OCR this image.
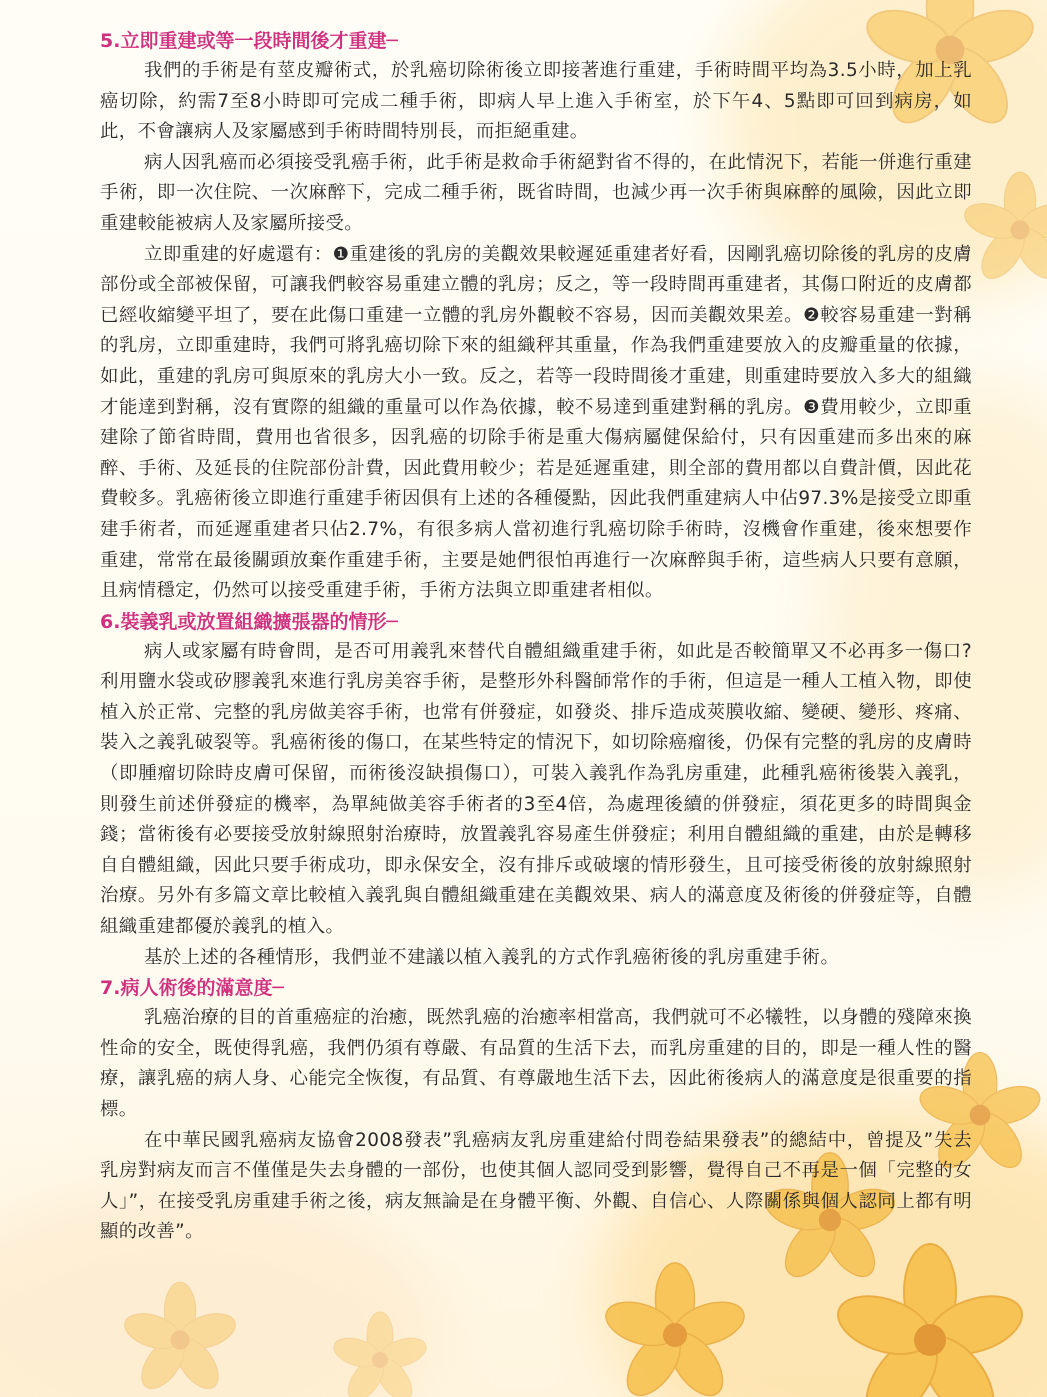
5.立即重建或等一段時間後才重建─

我們的手術是有莖皮瓣術式，於乳癌切除術後立即接著進行重建，手術時間平均為3.5小時，加上乳癌切除，約需7至8小時即可完成二種手術，即病人早上進入手術室，於下午4、5點即可回到病房，如此，不會讓病人及家屬感到手術時間特別長，而拒絕重建。

病人因乳癌而必須接受乳癌手術，此手術是救命手術絕對省不得的，在此情況下，若能一併進行重建手術，即一次住院、一次麻醉下，完成二種手術，既省時間，也減少再一次手術與麻醉的風險，因此立即重建較能被病人及家屬所接受。

立即重建的好處還有：❶重建後的乳房的美觀效果較遲延重建者好看，因剛乳癌切除後的乳房的皮膚部份或全部被保留，可讓我們較容易重建立體的乳房；反之，等一段時間再重建者，其傷口附近的皮膚都已經收縮變平坦了，要在此傷口重建一立體的乳房外觀較不容易，因而美觀效果差。❷較容易重建一對稱的乳房，立即重建時，我們可將乳癌切除下來的組織秤其重量，作為我們重建要放入的皮瓣重量的依據，如此，重建的乳房可與原來的乳房大小一致。反之，若等一段時間後才重建，則重建時要放入多大的組織才能達到對稱，沒有實際的組織的重量可以作為依據，較不易達到重建對稱的乳房。❸費用較少，立即重建除了節省時間，費用也省很多，因乳癌的切除手術是重大傷病屬健保給付，只有因重建而多出來的麻醉、手術、及延長的住院部份計費，因此費用較少；若是延遲重建，則全部的費用都以自費計價，因此花費較多。乳癌術後立即進行重建手術因俱有上述的各種優點，因此我們重建病人中佔97.3%是接受立即重建手術者，而延遲重建者只佔2.7%，有很多病人當初進行乳癌切除手術時，沒機會作重建，後來想要作重建，常常在最後關頭放棄作重建手術，主要是她們很怕再進行一次麻醉與手術，這些病人只要有意願，且病情穩定，仍然可以接受重建手術，手術方法與立即重建者相似。

6.裝義乳或放置組織擴張器的情形─

病人或家屬有時會問，是否可用義乳來替代自體組織重建手術，如此是否較簡單又不必再多一傷口?利用鹽水袋或矽膠義乳來進行乳房美容手術，是整形外科醫師常作的手術，但這是一種人工植入物，即使植入於正常、完整的乳房做美容手術，也常有併發症，如發炎、排斥造成莢膜收縮、變硬、變形、疼痛、裝入之義乳破裂等。乳癌術後的傷口，在某些特定的情況下，如切除癌瘤後，仍保有完整的乳房的皮膚時（即腫瘤切除時皮膚可保留，而術後沒缺損傷口），可裝入義乳作為乳房重建，此種乳癌術後裝入義乳，則發生前述併發症的機率，為單純做美容手術者的3至4倍，為處理後續的併發症，須花更多的時間與金錢；當術後有必要接受放射線照射治療時，放置義乳容易產生併發症；利用自體組織的重建，由於是轉移自自體組織，因此只要手術成功，即永保安全，沒有排斥或破壞的情形發生，且可接受術後的放射線照射治療。另外有多篇文章比較植入義乳與自體組織重建在美觀效果、病人的滿意度及術後的併發症等，自體組織重建都優於義乳的植入。

基於上述的各種情形，我們並不建議以植入義乳的方式作乳癌術後的乳房重建手術。

7.病人術後的滿意度─

乳癌治療的目的首重癌症的治癒，既然乳癌的治癒率相當高，我們就可不必犧牲，以身體的殘障來換性命的安全，既使得乳癌，我們仍須有尊嚴、有品質的生活下去，而乳房重建的目的，即是一種人性的醫療，讓乳癌的病人身、心能完全恢復，有品質、有尊嚴地生活下去，因此術後病人的滿意度是很重要的指標。

在中華民國乳癌病友協會2008發表”乳癌病友乳房重建給付問卷結果發表”的總結中，曾提及”失去乳房對病友而言不僅僅是失去身體的一部份，也使其個人認同受到影響，覺得自己不再是一個「完整的女人」”，在接受乳房重建手術之後，病友無論是在身體平衡、外觀、自信心、人際關係與個人認同上都有明顯的改善”。
